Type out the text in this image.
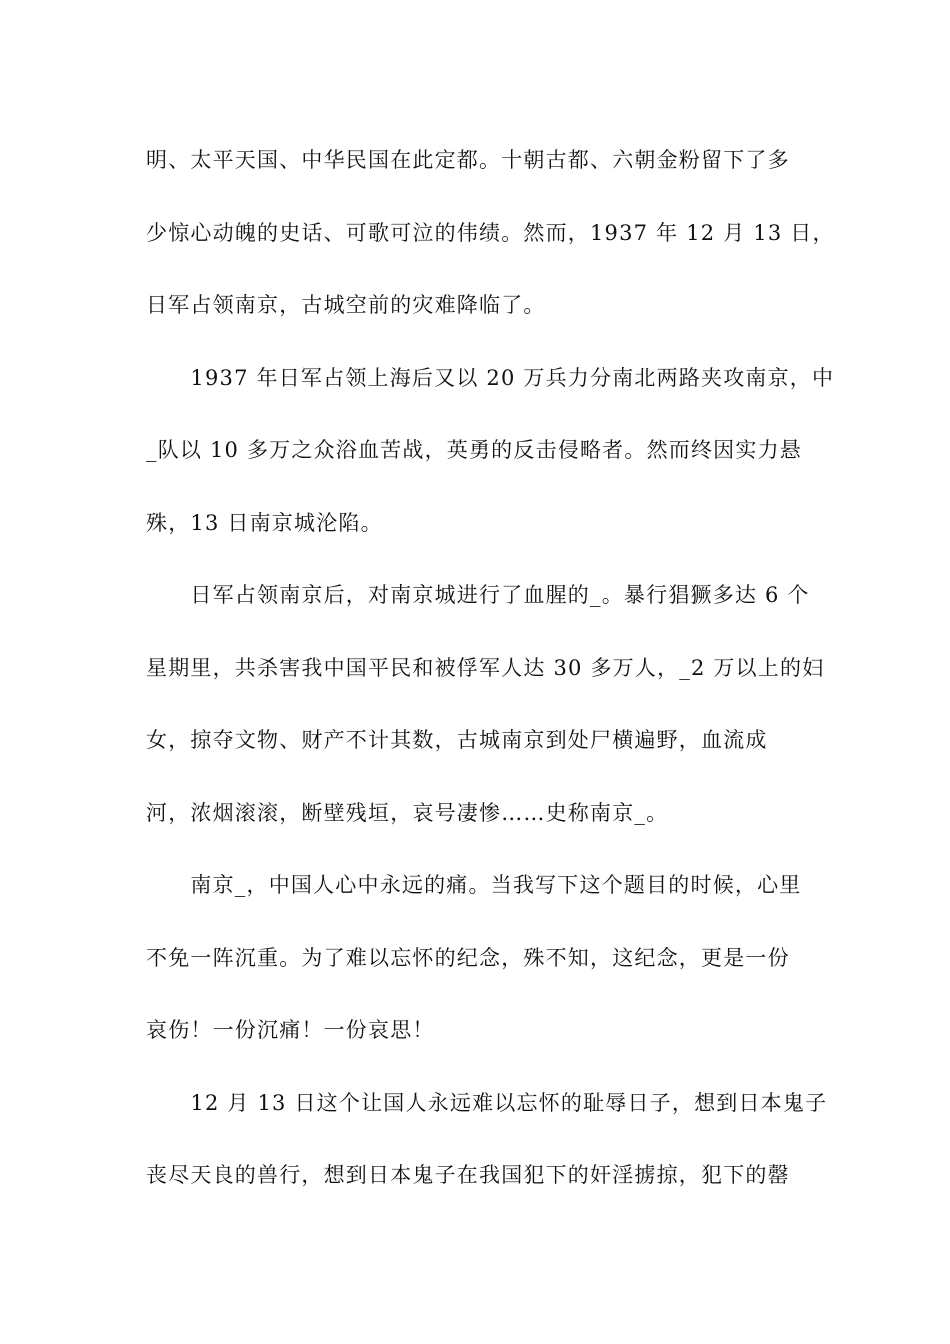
明、太平天国、中华民国在此定都。十朝古都、六朝金粉留下了多
少惊心动魄的史话、可歌可泣的伟绩。然而，1937 年 12 月 13 日，
日军占领南京，古城空前的灾难降临了。
　　1937 年日军占领上海后又以 20 万兵力分南北两路夹攻南京，中
_队以 10 多万之众浴血苦战，英勇的反击侵略者。然而终因实力悬
殊，13 日南京城沦陷。
　　日军占领南京后，对南京城进行了血腥的_。暴行猖獗多达 6 个
星期里，共杀害我中国平民和被俘军人达 30 多万人，_2 万以上的妇
女，掠夺文物、财产不计其数，古城南京到处尸横遍野，血流成
河，浓烟滚滚，断壁残垣，哀号凄惨……史称南京_。
　　南京_，中国人心中永远的痛。当我写下这个题目的时候，心里
不免一阵沉重。为了难以忘怀的纪念，殊不知，这纪念，更是一份
哀伤！一份沉痛！一份哀思！
　　12 月 13 日这个让国人永远难以忘怀的耻辱日子，想到日本鬼子
丧尽天良的兽行，想到日本鬼子在我国犯下的奸淫掳掠，犯下的罄
